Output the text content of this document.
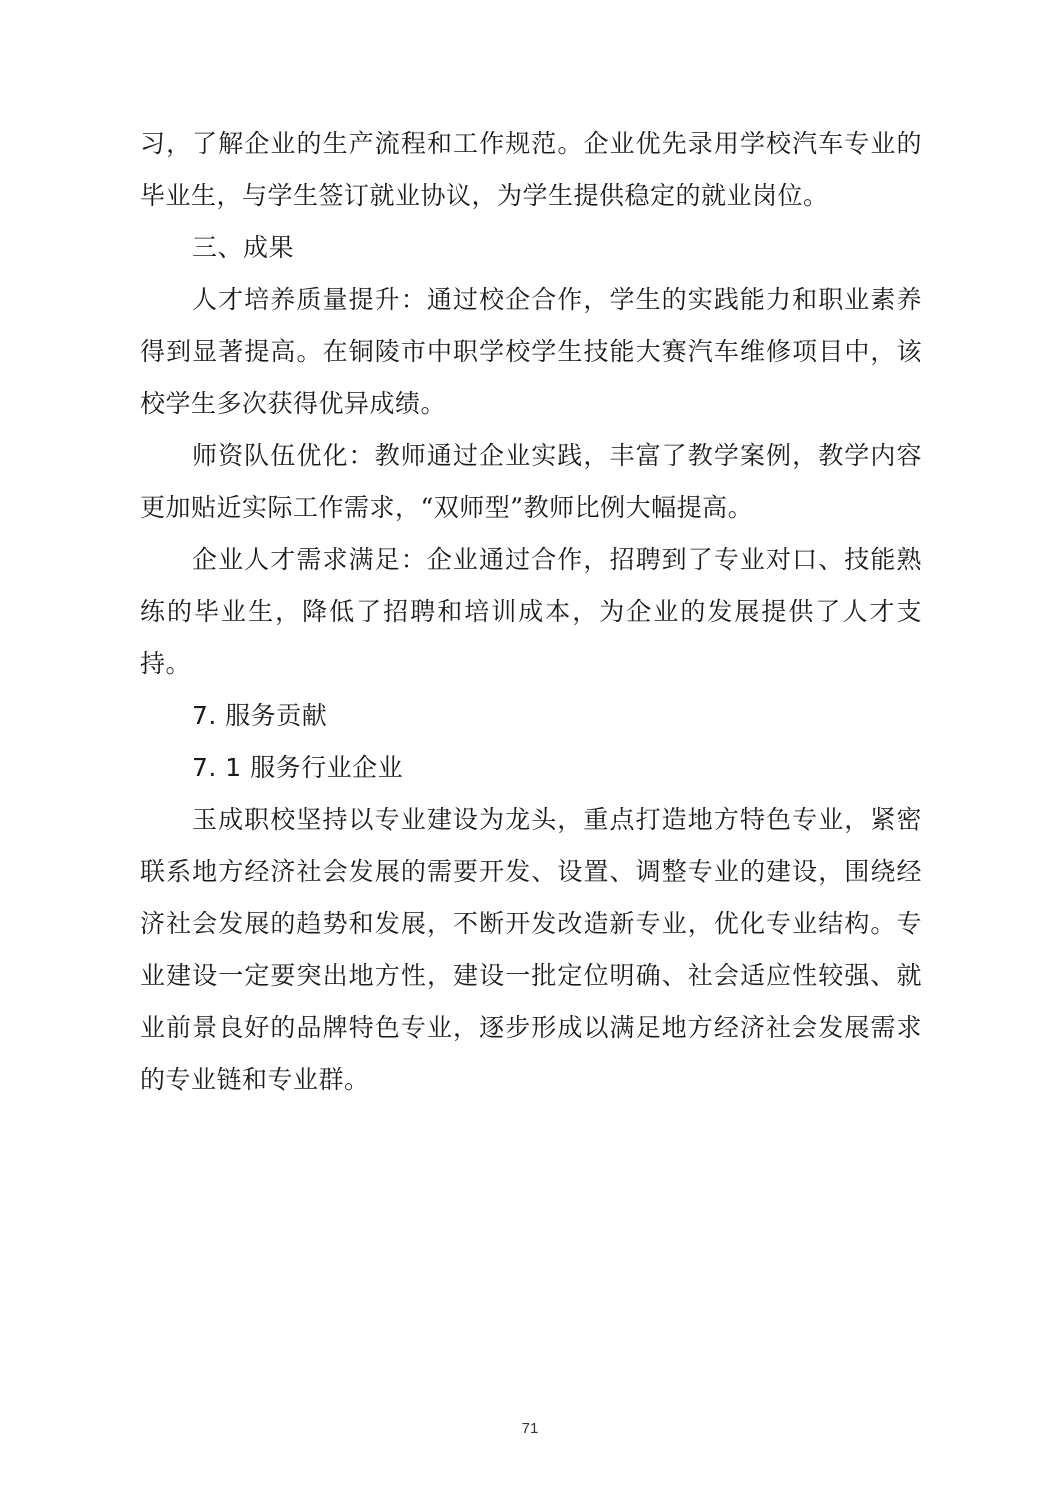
习，了解企业的生产流程和工作规范。企业优先录用学校汽车专业的毕业生，与学生签订就业协议，为学生提供稳定的就业岗位。

三、成果

人才培养质量提升：通过校企合作，学生的实践能力和职业素养得到显著提高。在铜陵市中职学校学生技能大赛汽车维修项目中，该校学生多次获得优异成绩。

师资队伍优化：教师通过企业实践，丰富了教学案例，教学内容更加贴近实际工作需求，“双师型”教师比例大幅提高。

企业人才需求满足：企业通过合作，招聘到了专业对口、技能熟练的毕业生，降低了招聘和培训成本，为企业的发展提供了人才支持。

7. 服务贡献

7. 1 服务行业企业

玉成职校坚持以专业建设为龙头，重点打造地方特色专业，紧密联系地方经济社会发展的需要开发、设置、调整专业的建设，围绕经济社会发展的趋势和发展，不断开发改造新专业，优化专业结构。专业建设一定要突出地方性，建设一批定位明确、社会适应性较强、就业前景良好的品牌特色专业，逐步形成以满足地方经济社会发展需求的专业链和专业群。

71
